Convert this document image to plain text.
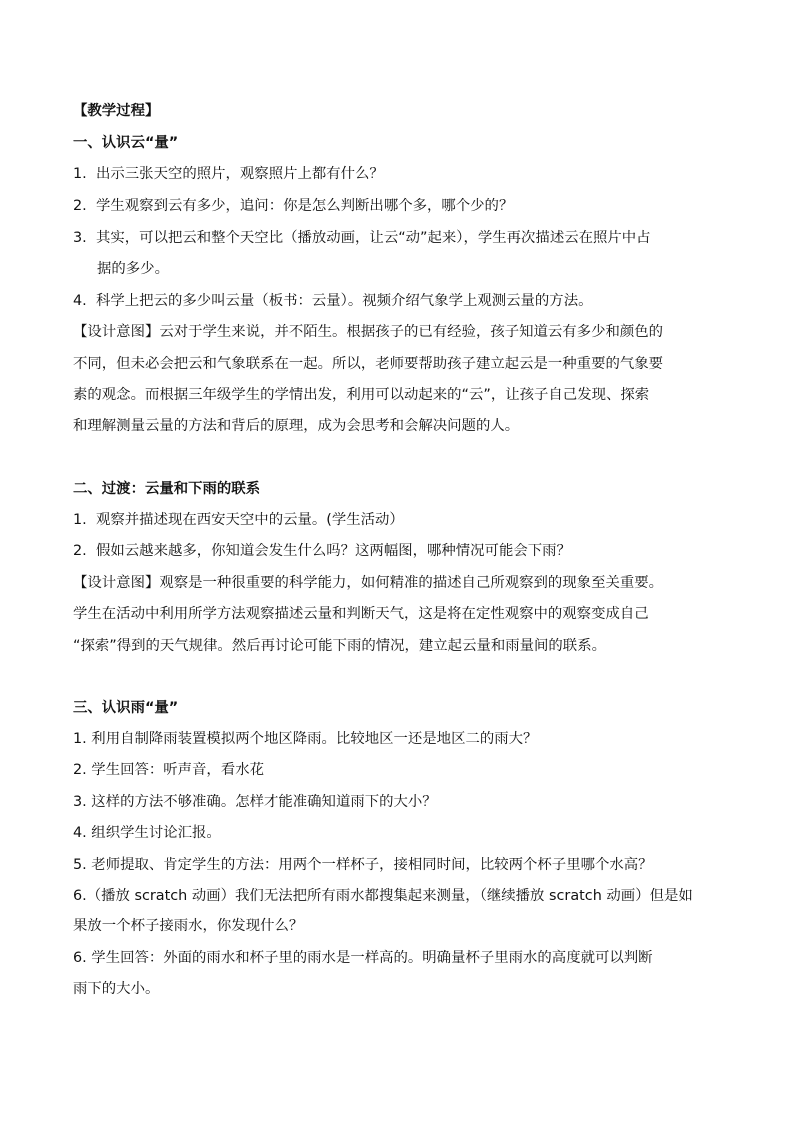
【教学过程】
一、认识云“量”
1. 出示三张天空的照片，观察照片上都有什么？
2. 学生观察到云有多少，追问：你是怎么判断出哪个多，哪个少的？
3. 其实，可以把云和整个天空比（播放动画，让云“动”起来），学生再次描述云在照片中占
据的多少。
4. 科学上把云的多少叫云量（板书：云量）。视频介绍气象学上观测云量的方法。
【设计意图】云对于学生来说，并不陌生。根据孩子的已有经验，孩子知道云有多少和颜色的
不同，但未必会把云和气象联系在一起。所以，老师要帮助孩子建立起云是一种重要的气象要
素的观念。而根据三年级学生的学情出发，利用可以动起来的“云”，让孩子自己发现、探索
和理解测量云量的方法和背后的原理，成为会思考和会解决问题的人。
二、过渡：云量和下雨的联系
1. 观察并描述现在西安天空中的云量。(学生活动）
2. 假如云越来越多，你知道会发生什么吗？这两幅图，哪种情况可能会下雨？
【设计意图】观察是一种很重要的科学能力，如何精准的描述自己所观察到的现象至关重要。
学生在活动中利用所学方法观察描述云量和判断天气，这是将在定性观察中的观察变成自己
“探索”得到的天气规律。然后再讨论可能下雨的情况，建立起云量和雨量间的联系。
三、认识雨“量”
1. 利用自制降雨装置模拟两个地区降雨。比较地区一还是地区二的雨大？
2. 学生回答：听声音，看水花
3. 这样的方法不够准确。怎样才能准确知道雨下的大小？
4. 组织学生讨论汇报。
5. 老师提取、肯定学生的方法：用两个一样杯子，接相同时间，比较两个杯子里哪个水高？
6.（播放 scratch 动画）我们无法把所有雨水都搜集起来测量，（继续播放 scratch 动画）但是如
果放一个杯子接雨水，你发现什么？
6. 学生回答：外面的雨水和杯子里的雨水是一样高的。明确量杯子里雨水的高度就可以判断
雨下的大小。
